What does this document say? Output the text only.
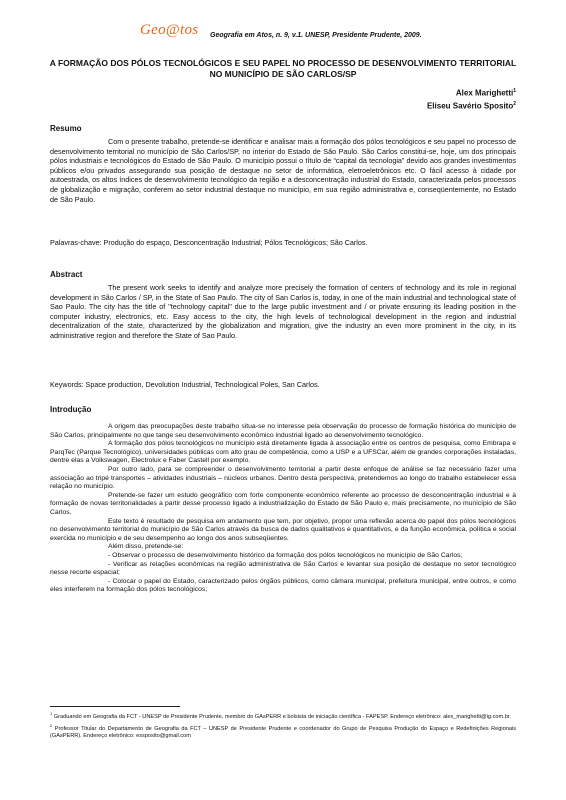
Geo@tos Geografia em Atos, n. 9, v.1. UNESP, Presidente Prudente, 2009.
A FORMAÇÃO DOS PÓLOS TECNOLÓGICOS E SEU PAPEL NO PROCESSO DE DESENVOLVIMENTO TERRITORIAL NO MUNICÍPIO DE SÃO CARLOS/SP
Alex Marighetti$^1$
Eliseu Savério Sposito$^2$
Resumo
Com o presente trabalho, pretende-se identificar e analisar mais a formação dos pólos tecnológicos e seu papel no processo de desenvolvimento territorial no município de São Carlos/SP, no interior do Estado de São Paulo. São Carlos constitui-se, hoje, um dos principais pólos industriais e tecnológicos do Estado de São Paulo. O município possui o título de “capital da tecnologia” devido aos grandes investimentos públicos e/ou privados assegurando sua posição de destaque no setor de informática, eletroeletrônicos etc. O fácil acesso à cidade por autoestrada, os altos índices de desenvolvimento tecnológico da região e a desconcentração industrial do Estado, caracterizada pelos processos de globalização e migração, conferem ao setor industrial destaque no município, em sua região administrativa e, conseqüentemente, no Estado de São Paulo.
Palavras-chave: Produção do espaço, Desconcentração Industrial; Pólos Tecnológicos; São Carlos.
Abstract
The present work seeks to identify and analyze more precisely the formation of centers of technology and its role in regional development in São Carlos / SP, in the State of Sao Paulo. The city of San Carlos is, today, in one of the main industrial and technological state of Sao Paulo. The city has the title of "technology capital" due to the large public investment and / or private ensuring its leading position in the computer industry, electronics, etc. Easy access to the city, the high levels of technological development in the region and industrial decentralization of the state, characterized by the globalization and migration, give the industry an even more prominent in the city, in its administrative region and therefore the State of Sao Paulo.
Keywords: Space production, Devolution Industrial, Technological Poles, San Carlos.
Introdução

A origem das preocupações deste trabalho situa-se no interesse pela observação do processo de formação histórica do município de São Carlos, principalmente no que tange seu desenvolvimento econômico industrial ligado ao desenvolvimento tecnológico.

A formação dos pólos tecnológicos no município está diretamente ligada à associação entre os centros de pesquisa, como Embrapa e ParqTec (Parque Tecnológico), universidades públicas com alto grau de competência, como a USP e a UFSCar, além de grandes corporações instaladas, dentre elas a Volkswagen, Electrolux e Faber Castell por exemplo.

Por outro lado, para se compreender o desenvolvimento territorial a partir deste enfoque de análise se faz necessário fazer uma associação ao tripé transportes – atividades industriais – núcleos urbanos. Dentro desta perspectiva, pretendemos ao longo do trabalho estabelecer essa relação no município.

Pretende-se fazer um estudo geográfico com forte componente econômico referente ao processo de desconcentração industrial e à formação de novas territorialidades a partir desse processo ligado a industrialização do Estado de São Paulo e, mais precisamente, no município de São Carlos.

Este texto é resultado de pesquisa em andamento que tem, por objetivo, propor uma reflexão acerca do papel dos pólos tecnológicos no desenvolvimento territorial do município de São Carlos através da busca de dados qualitativos e quantitativos, e da função econômica, política e social exercida no município e de seu desempenho ao longo dos anos subseqüentes.

Além disso, pretende-se:

- Observar o processo de desenvolvimento histórico da formação dos pólos tecnológicos no município de São Carlos;

- Verificar as relações econômicas na região administrativa de São Carlos e levantar sua posição de destaque no setor tecnológico nesse recorte espacial;

- Colocar o papel do Estado, caracterizado pelos órgãos públicos, como câmara municipal, prefeitura municipal, entre outros, e como eles interferem na formação dos pólos tecnológicos;

$^1$ Graduando em Geografia da FCT - UNESP de Presidente Prudente, membro do GAsPERR e bolsista de iniciação científica - FAPESP. Endereço eletrônico: alex_marighetti@ig.com.br.

$^2$ Professor Titular do Departamento de Geografia da FCT – UNESP de Presidente Prudente e coordenador do Grupo de Pesquisa Produção do Espaço e Redefinições Regionais (GAsPERR). Endereço eletrônico: essposito@gmail.com
